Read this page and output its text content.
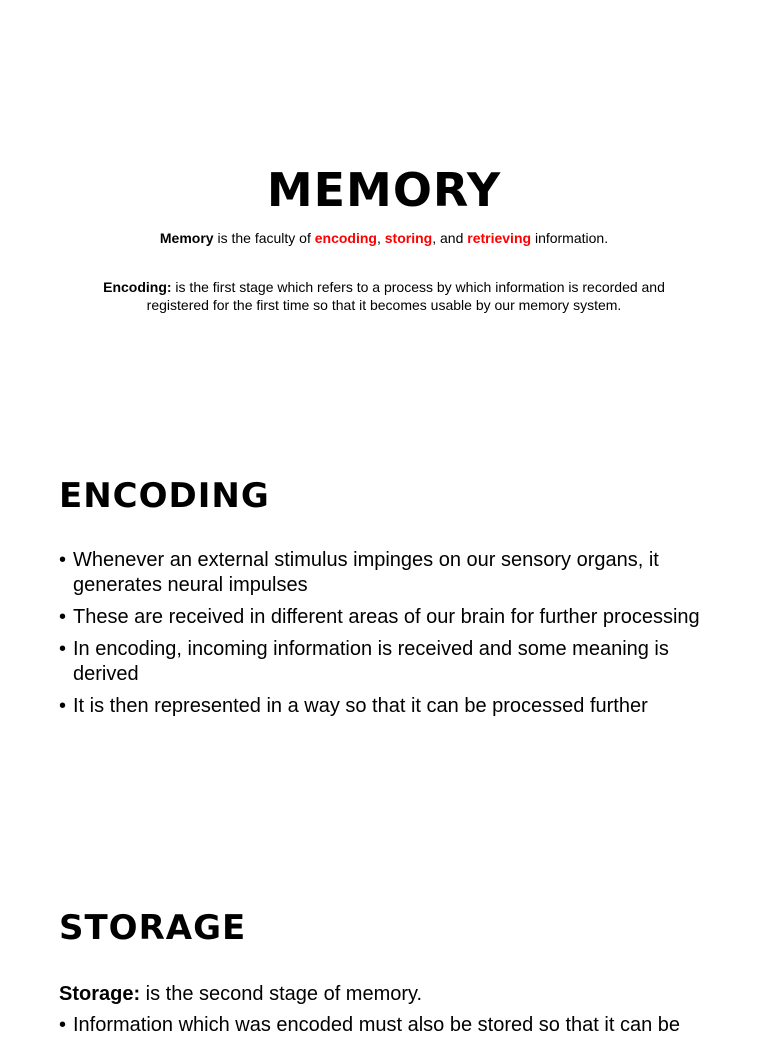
MEMORY
Memory is the faculty of encoding, storing, and retrieving information.
Encoding: is the first stage which refers to a process by which information is recorded and registered for the first time so that it becomes usable by our memory system.
ENCODING
• Whenever an external stimulus impinges on our sensory organs, it generates neural impulses
• These are received in different areas of our brain for further processing
• In encoding, incoming information is received and some meaning is derived
• It is then represented in a way so that it can be processed further
STORAGE
Storage: is the second stage of memory.
• Information which was encoded must also be stored so that it can be
